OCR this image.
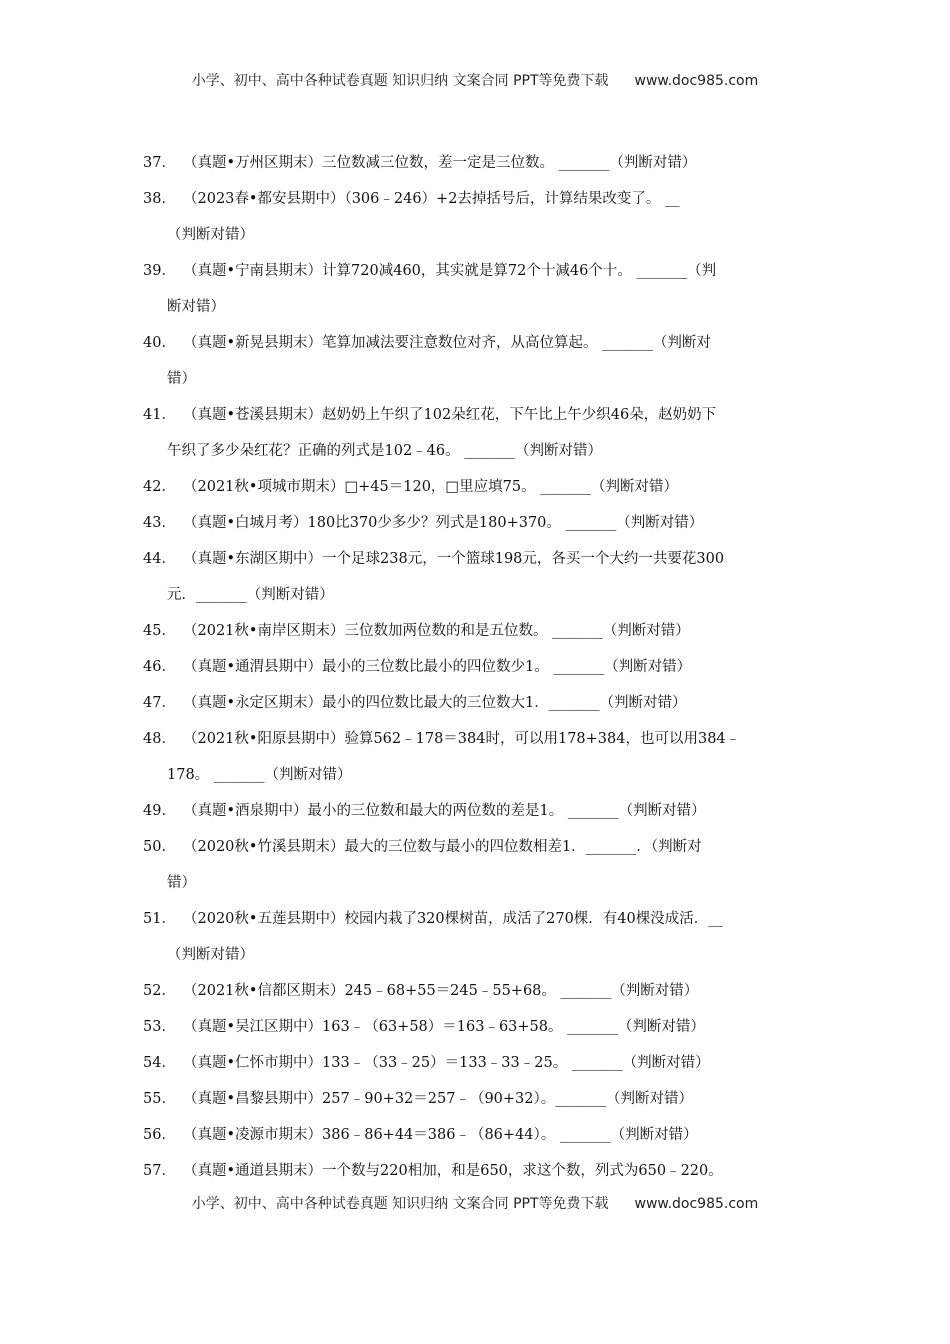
小学、初中、高中各种试卷真题 知识归纳 文案合同 PPT等免费下载 www.doc985.com
37． （真题•万州区期末）三位数减三位数，差一定是三位数。 _______（判断对错）
38． （2023春•都安县期中）（306﹣246）+2去掉括号后，计算结果改变了。 __
（判断对错）
39． （真题•宁南县期末）计算720减460，其实就是算72个十减46个十。 _______（判
断对错）
40． （真题•新晃县期末）笔算加减法要注意数位对齐，从高位算起。 _______（判断对
错）
41． （真题•苍溪县期末）赵奶奶上午织了102朵红花，下午比上午少织46朵，赵奶奶下
午织了多少朵红花？正确的列式是102﹣46。 _______（判断对错）
42． （2021秋•项城市期末）□+45＝120，□里应填75。 _______（判断对错）
43． （真题•白城月考）180比370少多少？列式是180+370。 _______（判断对错）
44． （真题•东湖区期中）一个足球238元，一个篮球198元，各买一个大约一共要花300
元．_______（判断对错）
45． （2021秋•南岸区期末）三位数加两位数的和是五位数。 _______（判断对错）
46． （真题•通渭县期中）最小的三位数比最小的四位数少1。 _______（判断对错）
47． （真题•永定区期末）最小的四位数比最大的三位数大1．_______（判断对错）
48． （2021秋•阳原县期中）验算562﹣178＝384时，可以用178+384，也可以用384﹣
178。 _______（判断对错）
49． （真题•酒泉期中）最小的三位数和最大的两位数的差是1。 _______（判断对错）
50． （2020秋•竹溪县期末）最大的三位数与最小的四位数相差1．_______．（判断对
错）
51． （2020秋•五莲县期中）校园内栽了320棵树苗，成活了270棵．有40棵没成活．__
（判断对错）
52． （2021秋•信都区期末）245﹣68+55＝245﹣55+68。 _______（判断对错）
53． （真题•吴江区期中）163﹣（63+58）＝163﹣63+58。 _______（判断对错）
54． （真题•仁怀市期中）133﹣（33﹣25）＝133﹣33﹣25。 _______（判断对错）
55． （真题•昌黎县期中）257﹣90+32＝257﹣（90+32）。_______（判断对错）
56． （真题•凌源市期末）386﹣86+44＝386﹣（86+44）。 _______（判断对错）
57． （真题•通道县期末）一个数与220相加，和是650，求这个数，列式为650﹣220。
小学、初中、高中各种试卷真题 知识归纳 文案合同 PPT等免费下载 www.doc985.com
